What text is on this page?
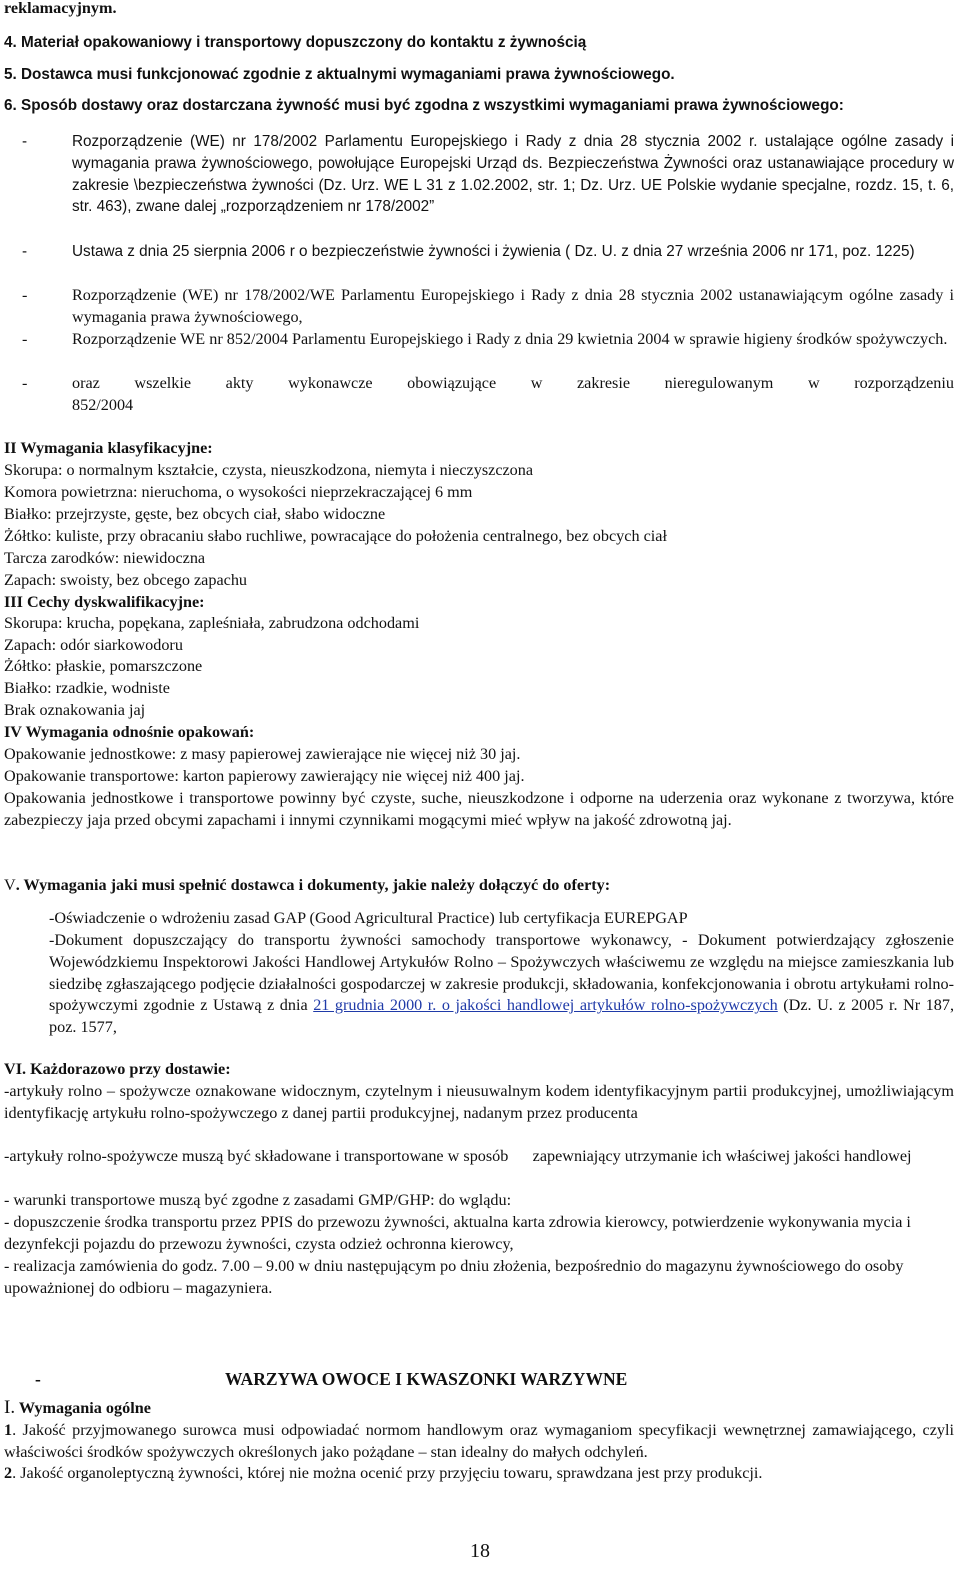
reklamacyjnym.

4. Materiał opakowaniowy i transportowy dopuszczony do kontaktu z żywnością

5. Dostawca musi funkcjonować zgodnie z aktualnymi wymaganiami prawa żywnościowego.

6. Sposób dostawy oraz dostarczana żywność musi być zgodna z wszystkimi wymaganiami prawa żywnościowego:

-	Rozporządzenie (WE) nr 178/2002 Parlamentu Europejskiego i Rady z dnia 28 stycznia 2002 r. ustalające ogólne zasady i wymagania prawa żywnościowego, powołujące Europejski Urząd ds. Bezpieczeństwa Żywności oraz ustanawiające procedury w zakresie \bezpieczeństwa żywności (Dz. Urz. WE L 31 z 1.02.2002, str. 1; Dz. Urz. UE Polskie wydanie specjalne, rozdz. 15, t. 6, str. 463), zwane dalej „rozporządzeniem nr 178/2002”
-	Ustawa z dnia 25 sierpnia 2006 r o bezpieczeństwie żywności i żywienia ( Dz. U. z dnia 27 września 2006 nr 171, poz. 1225)
-	Rozporządzenie (WE) nr 178/2002/WE Parlamentu Europejskiego i Rady z dnia 28 stycznia 2002 ustanawiającym ogólne zasady i wymagania prawa żywnościowego,
-	Rozporządzenie WE nr 852/2004 Parlamentu Europejskiego i Rady z dnia 29 kwietnia 2004 w sprawie higieny środków spożywczych.
-	oraz wszelkie akty wykonawcze obowiązujące w zakresie nieregulowanym w rozporządzeniu 852/2004

II Wymagania klasyfikacyjne:

Skorupa: o normalnym kształcie, czysta, nieuszkodzona, niemyta i nieczyszczona

Komora powietrzna: nieruchoma, o wysokości nieprzekraczającej 6 mm

Białko: przejrzyste, gęste, bez obcych ciał, słabo widoczne

Żółtko: kuliste, przy obracaniu słabo ruchliwe, powracające do położenia centralnego, bez obcych ciał

Tarcza zarodków: niewidoczna

Zapach: swoisty, bez obcego zapachu

III Cechy dyskwalifikacyjne:

Skorupa: krucha, popękana, zapleśniała, zabrudzona odchodami

Zapach: odór siarkowodoru

Żółtko: płaskie, pomarszczone

Białko: rzadkie, wodniste

Brak oznakowania jaj

IV Wymagania odnośnie opakowań:

Opakowanie jednostkowe: z masy papierowej zawierające nie więcej niż 30 jaj.

Opakowanie transportowe: karton papierowy zawierający nie więcej niż 400 jaj.

Opakowania jednostkowe i transportowe powinny być czyste, suche, nieuszkodzone i odporne na uderzenia oraz wykonane z tworzywa, które zabezpieczy jaja przed obcymi zapachami i innymi czynnikami mogącymi mieć wpływ na jakość zdrowotną jaj.

V. Wymagania jaki musi spełnić dostawca i dokumenty, jakie należy dołączyć do oferty:

-Oświadczenie o wdrożeniu zasad GAP (Good Agricultural Practice) lub certyfikacja EUREPGAP

-Dokument dopuszczający do transportu żywności samochody transportowe wykonawcy, - Dokument potwierdzający zgłoszenie Wojewódzkiemu Inspektorowi Jakości Handlowej Artykułów Rolno – Spożywczych właściwemu ze względu na miejsce zamieszkania lub siedzibę zgłaszającego podjęcie działalności gospodarczej w zakresie produkcji, składowania, konfekcjonowania i obrotu artykułami rolno-spożywczymi zgodnie z Ustawą z dnia 21 grudnia 2000 r. o jakości handlowej artykułów rolno-spożywczych (Dz. U. z 2005 r. Nr 187, poz. 1577,

VI. Każdorazowo przy dostawie:

-artykuły rolno – spożywcze oznakowane widocznym, czytelnym i nieusuwalnym kodem identyfikacyjnym partii produkcyjnej, umożliwiającym identyfikację artykułu rolno-spożywczego z danej partii produkcyjnej, nadanym przez producenta

-artykuły rolno-spożywcze muszą być składowane i transportowane w sposób      zapewniający utrzymanie ich właściwej jakości handlowej

- warunki transportowe muszą być zgodne z zasadami GMP/GHP: do wglądu:

- dopuszczenie środka transportu przez PPIS do przewozu żywności, aktualna karta zdrowia kierowcy, potwierdzenie wykonywania mycia i dezynfekcji pojazdu do przewozu żywności, czysta odzież ochronna kierowcy,

- realizacja zamówienia do godz. 7.00 – 9.00 w dniu następującym po dniu złożenia, bezpośrednio do magazynu żywnościowego do osoby upoważnionej do odbioru – magazyniera.

-	WARZYWA OWOCE I KWASZONKI WARZYWNE

I. Wymagania ogólne

1. Jakość przyjmowanego surowca musi odpowiadać normom handlowym oraz wymaganiom specyfikacji wewnętrznej zamawiającego, czyli właściwości środków spożywczych określonych jako pożądane – stan idealny do małych odchyleń.

2. Jakość organoleptyczną żywności, której nie można ocenić przy przyjęciu towaru, sprawdzana jest przy produkcji.

18
